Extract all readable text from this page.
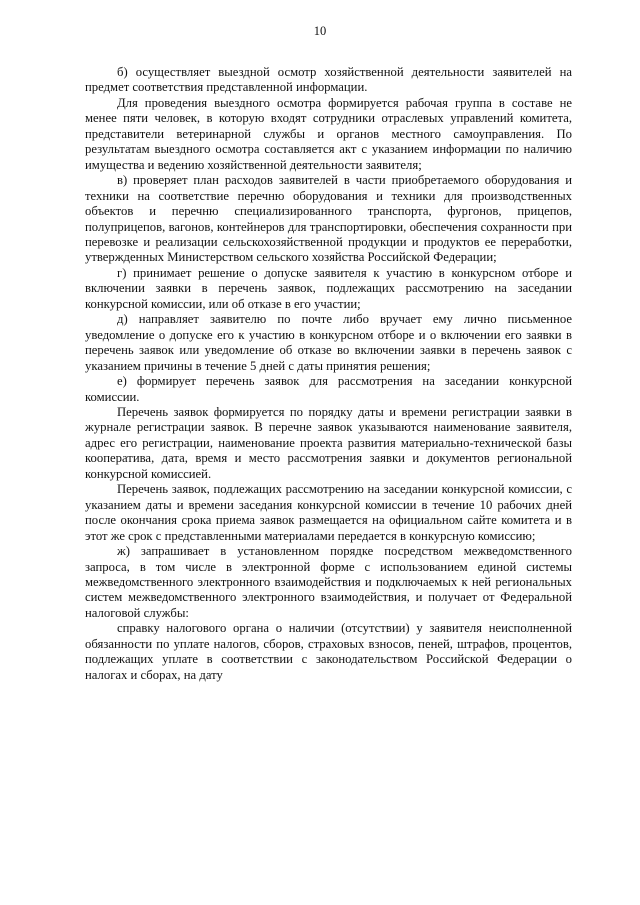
10

б) осуществляет выездной осмотр хозяйственной деятельности заявителей на предмет соответствия представленной информации.

Для проведения выездного осмотра формируется рабочая группа в составе не менее пяти человек, в которую входят сотрудники отраслевых управлений комитета, представители ветеринарной службы и органов местного самоуправления. По результатам выездного осмотра составляется акт с указанием информации по наличию имущества и ведению хозяйственной деятельности заявителя;

в) проверяет план расходов заявителей в части приобретаемого оборудования и техники на соответствие перечню оборудования и техники для производственных объектов и перечню специализированного транспорта, фургонов, прицепов, полуприцепов, вагонов, контейнеров для транспортировки, обеспечения сохранности при перевозке и реализации сельскохозяйственной продукции и продуктов ее переработки, утвержденных Министерством сельского хозяйства Российской Федерации;

г) принимает решение о допуске заявителя к участию в конкурсном отборе и включении заявки в перечень заявок, подлежащих рассмотрению на заседании конкурсной комиссии, или об отказе в его участии;

д) направляет заявителю по почте либо вручает ему лично письменное уведомление о допуске его к участию в конкурсном отборе и о включении его заявки в перечень заявок или уведомление об отказе во включении заявки в перечень заявок с указанием причины в течение 5 дней с даты принятия решения;

е) формирует перечень заявок для рассмотрения на заседании конкурсной комиссии.

Перечень заявок формируется по порядку даты и времени регистрации заявки в журнале регистрации заявок. В перечне заявок указываются наименование заявителя, адрес его регистрации, наименование проекта развития материально-технической базы кооператива, дата, время и место рассмотрения заявки и документов региональной конкурсной комиссией.

Перечень заявок, подлежащих рассмотрению на заседании конкурсной комиссии, с указанием даты и времени заседания конкурсной комиссии в течение 10 рабочих дней после окончания срока приема заявок размещается на официальном сайте комитета и в этот же срок с представленными материалами передается в конкурсную комиссию;

ж) запрашивает в установленном порядке посредством межведомственного запроса, в том числе в электронной форме с использованием единой системы межведомственного электронного взаимодействия и подключаемых к ней региональных систем межведомственного электронного взаимодействия, и получает от Федеральной налоговой службы:

справку налогового органа о наличии (отсутствии) у заявителя неисполненной обязанности по уплате налогов, сборов, страховых взносов, пеней, штрафов, процентов, подлежащих уплате в соответствии с законодательством Российской Федерации о налогах и сборах, на дату
